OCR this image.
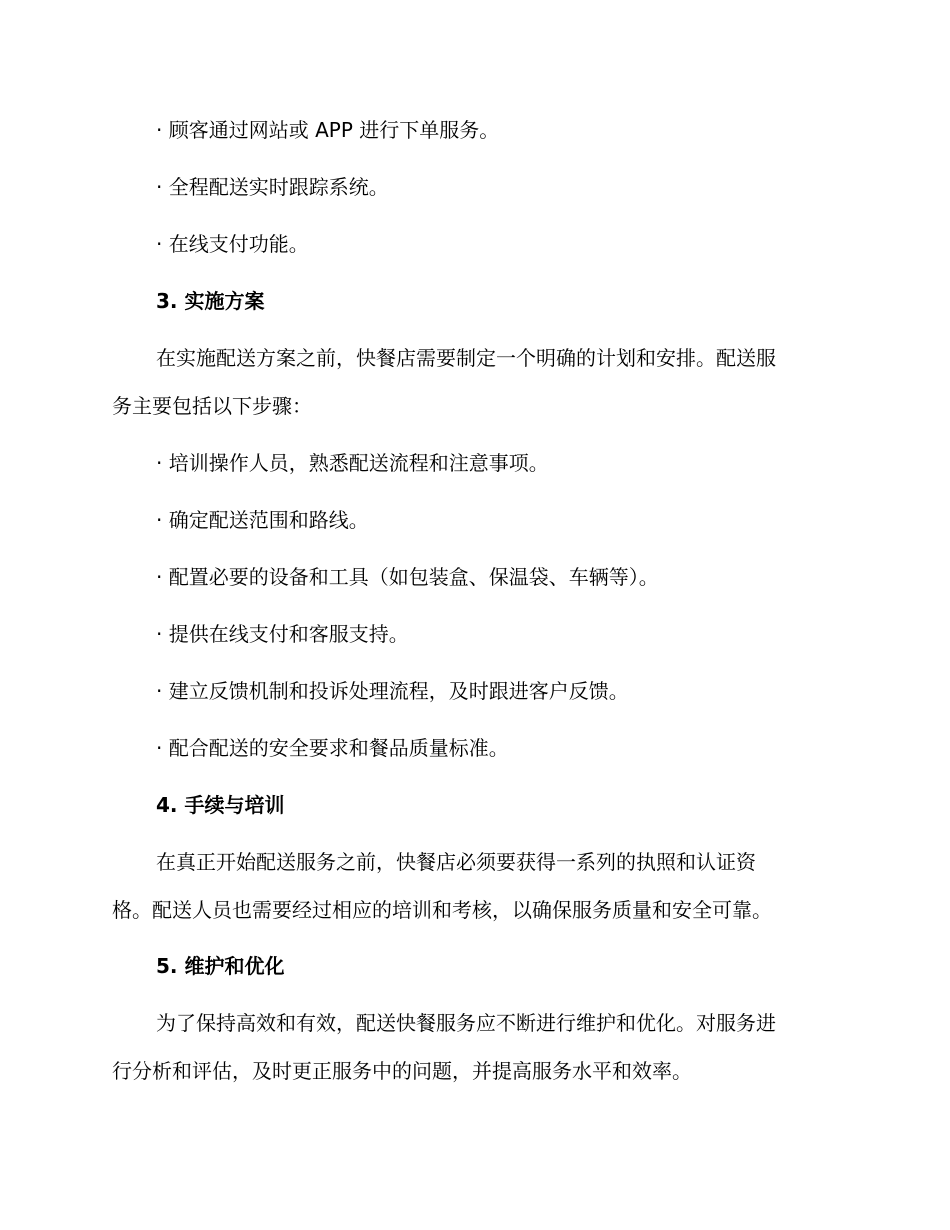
· 顾客通过网站或 APP 进行下单服务。
· 全程配送实时跟踪系统。
· 在线支付功能。
3. 实施方案
在实施配送方案之前，快餐店需要制定一个明确的计划和安排。配送服
务主要包括以下步骤：
· 培训操作人员，熟悉配送流程和注意事项。
· 确定配送范围和路线。
· 配置必要的设备和工具（如包装盒、保温袋、车辆等）。
· 提供在线支付和客服支持。
· 建立反馈机制和投诉处理流程，及时跟进客户反馈。
· 配合配送的安全要求和餐品质量标准。
4. 手续与培训
在真正开始配送服务之前，快餐店必须要获得一系列的执照和认证资
格。配送人员也需要经过相应的培训和考核，以确保服务质量和安全可靠。
5. 维护和优化
为了保持高效和有效，配送快餐服务应不断进行维护和优化。对服务进
行分析和评估，及时更正服务中的问题，并提高服务水平和效率。
